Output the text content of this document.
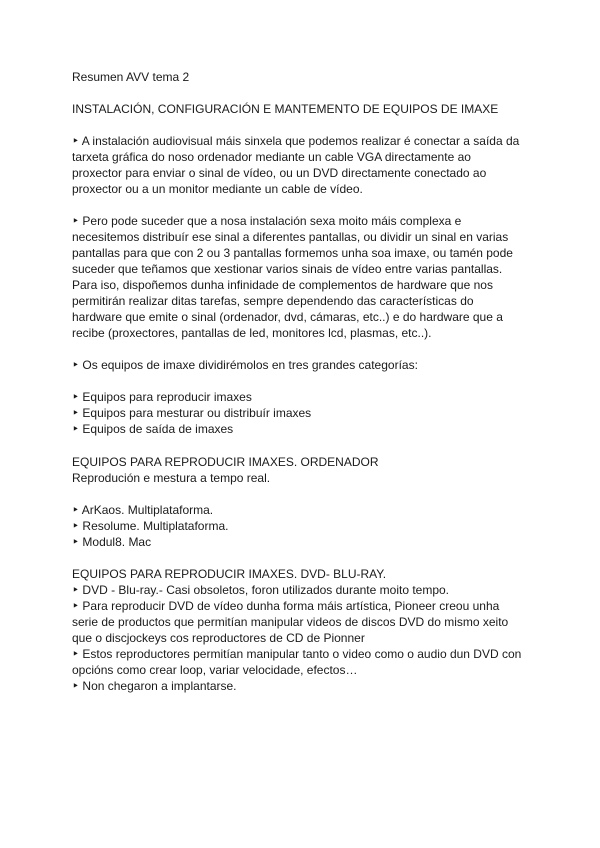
Resumen AVV tema 2
INSTALACIÓN, CONFIGURACIÓN E MANTEMENTO DE EQUIPOS DE IMAXE
‣ A instalación audiovisual máis sinxela que podemos realizar é conectar a saída da
tarxeta gráfica do noso ordenador mediante un cable VGA directamente ao
proxector para enviar o sinal de vídeo, ou un DVD directamente conectado ao
proxector ou a un monitor mediante un cable de vídeo.
‣ Pero pode suceder que a nosa instalación sexa moito máis complexa e
necesitemos distribuír ese sinal a diferentes pantallas, ou dividir un sinal en varias
pantallas para que con 2 ou 3 pantallas formemos unha soa imaxe, ou tamén pode
suceder que teñamos que xestionar varios sinais de vídeo entre varias pantallas.
Para iso, dispoñemos dunha infinidade de complementos de hardware que nos
permitirán realizar ditas tarefas, sempre dependendo das características do
hardware que emite o sinal (ordenador, dvd, cámaras, etc..) e do hardware que a
recibe (proxectores, pantallas de led, monitores lcd, plasmas, etc..).
‣ Os equipos de imaxe dividirémolos en tres grandes categorías:
‣ Equipos para reproducir imaxes
‣ Equipos para mesturar ou distribuír imaxes
‣ Equipos de saída de imaxes
EQUIPOS PARA REPRODUCIR IMAXES. ORDENADOR
Reprodución e mestura a tempo real.
‣ ArKaos. Multiplataforma.
‣ Resolume. Multiplataforma.
‣ Modul8. Mac
EQUIPOS PARA REPRODUCIR IMAXES. DVD- BLU-RAY.
‣ DVD - Blu-ray.- Casi obsoletos, foron utilizados durante moito tempo.
‣ Para reproducir DVD de vídeo dunha forma máis artística, Pioneer creou unha
serie de productos que permitían manipular videos de discos DVD do mismo xeito
que o discjockeys cos reproductores de CD de Pionner
‣ Estos reproductores permitían manipular tanto o video como o audio dun DVD con
opcións como crear loop, variar velocidade, efectos…
‣ Non chegaron a implantarse.
